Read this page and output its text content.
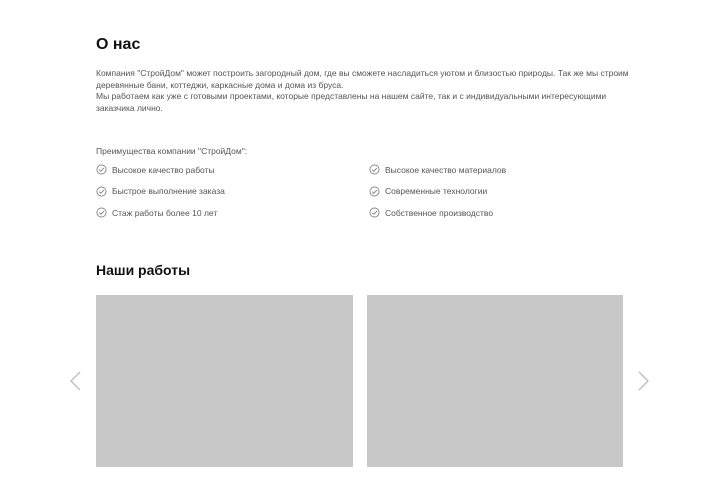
О нас

Компания "СтройДом" может построить загородный дом, где вы сможете насладиться уютом и близостью природы. Так же мы строим деревянные бани, коттеджи, каркасные дома и дома из бруса.

Мы работаем как уже с готовыми проектами, которые представлены на нашем сайте, так и с индивидуальными интересующими заказчика лично.

Преимущества компании "СтройДом":
Высокое качество работы
Быстрое выполнение заказа
Стаж работы более 10 лет
Высокое качество материалов
Современные технологии
Собственное производство
Наши работы
